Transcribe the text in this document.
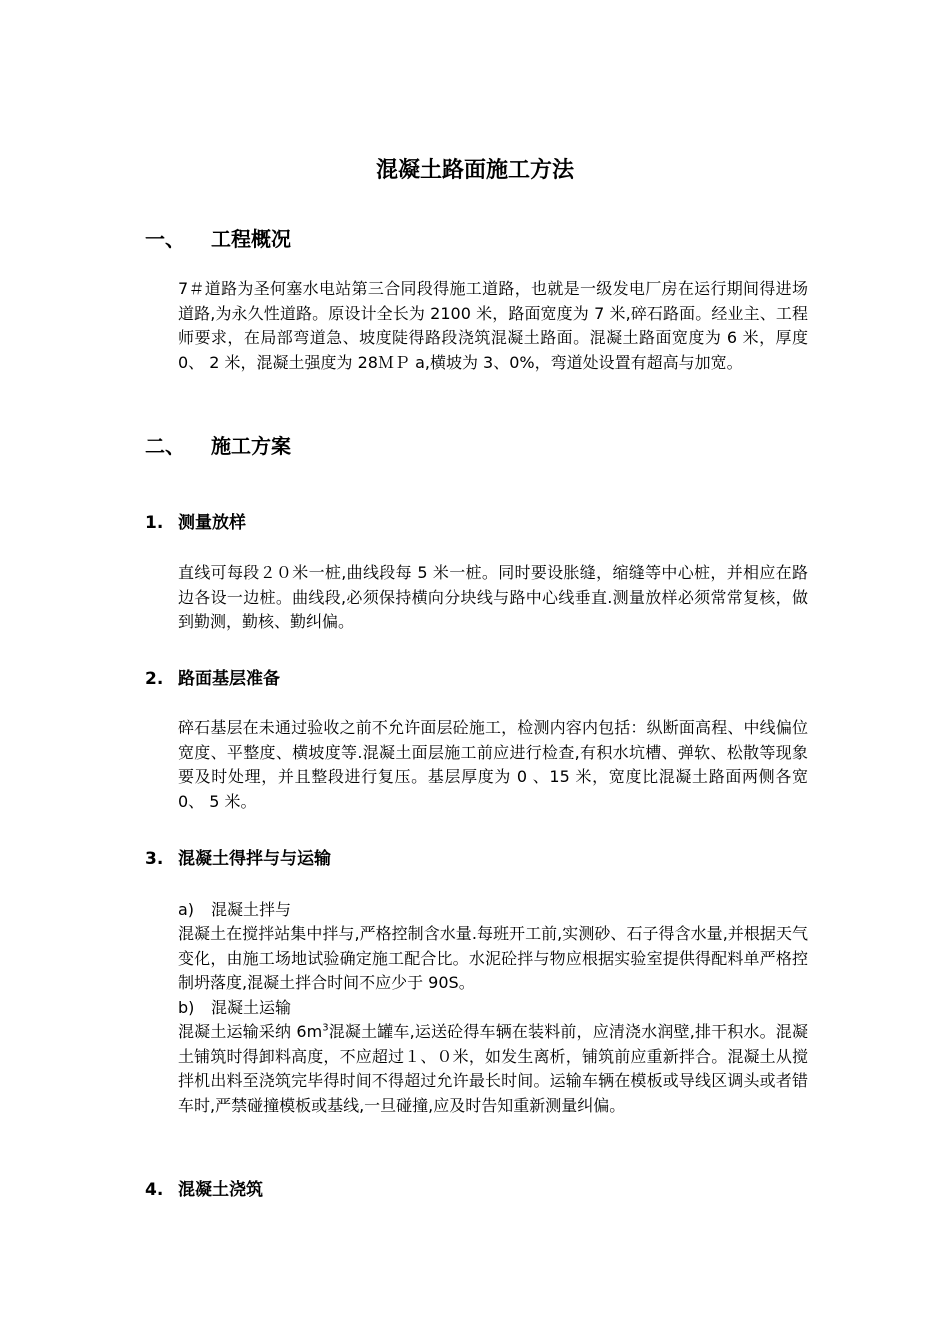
混凝土路面施工方法
一、 工程概况

7＃道路为圣何塞水电站第三合同段得施工道路，也就是一级发电厂房在运行期间得进场道路,为永久性道路。原设计全长为 2100 米，路面宽度为 7 米,碎石路面。经业主、工程师要求，在局部弯道急、坡度陡得路段浇筑混凝土路面。混凝土路面宽度为 6 米，厚度 0、 2 米，混凝土强度为 28ＭＰ a,横坡为 3、0%，弯道处设置有超高与加宽。

二、 施工方案
1. 测量放样

直线可每段２０米一桩,曲线段每 5 米一桩。同时要设胀缝，缩缝等中心桩，并相应在路边各设一边桩。曲线段,必须保持横向分块线与路中心线垂直.测量放样必须常常复核，做到勤测，勤核、勤纠偏。

2. 路面基层准备

碎石基层在未通过验收之前不允许面层砼施工，检测内容内包括：纵断面高程、中线偏位宽度、平整度、横坡度等.混凝土面层施工前应进行检查,有积水坑槽、弹软、松散等现象要及时处理，并且整段进行复压。基层厚度为 0 、15 米，宽度比混凝土路面两侧各宽 0、 5 米。

3. 混凝土得拌与与运输
a) 混凝土拌与

混凝土在搅拌站集中拌与,严格控制含水量.每班开工前,实测砂、石子得含水量,并根据天气变化，由施工场地试验确定施工配合比。水泥砼拌与物应根据实验室提供得配料单严格控制坍落度,混凝土拌合时间不应少于 90S。

b) 混凝土运输

混凝土运输采纳 $6m^3$混凝土罐车,运送砼得车辆在装料前，应清浇水润壁,排干积水。混凝土铺筑时得卸料高度，不应超过１、０米，如发生离析，铺筑前应重新拌合。混凝土从搅拌机出料至浇筑完毕得时间不得超过允许最长时间。运输车辆在模板或导线区调头或者错车时,严禁碰撞模板或基线,一旦碰撞,应及时告知重新测量纠偏。

4. 混凝土浇筑
